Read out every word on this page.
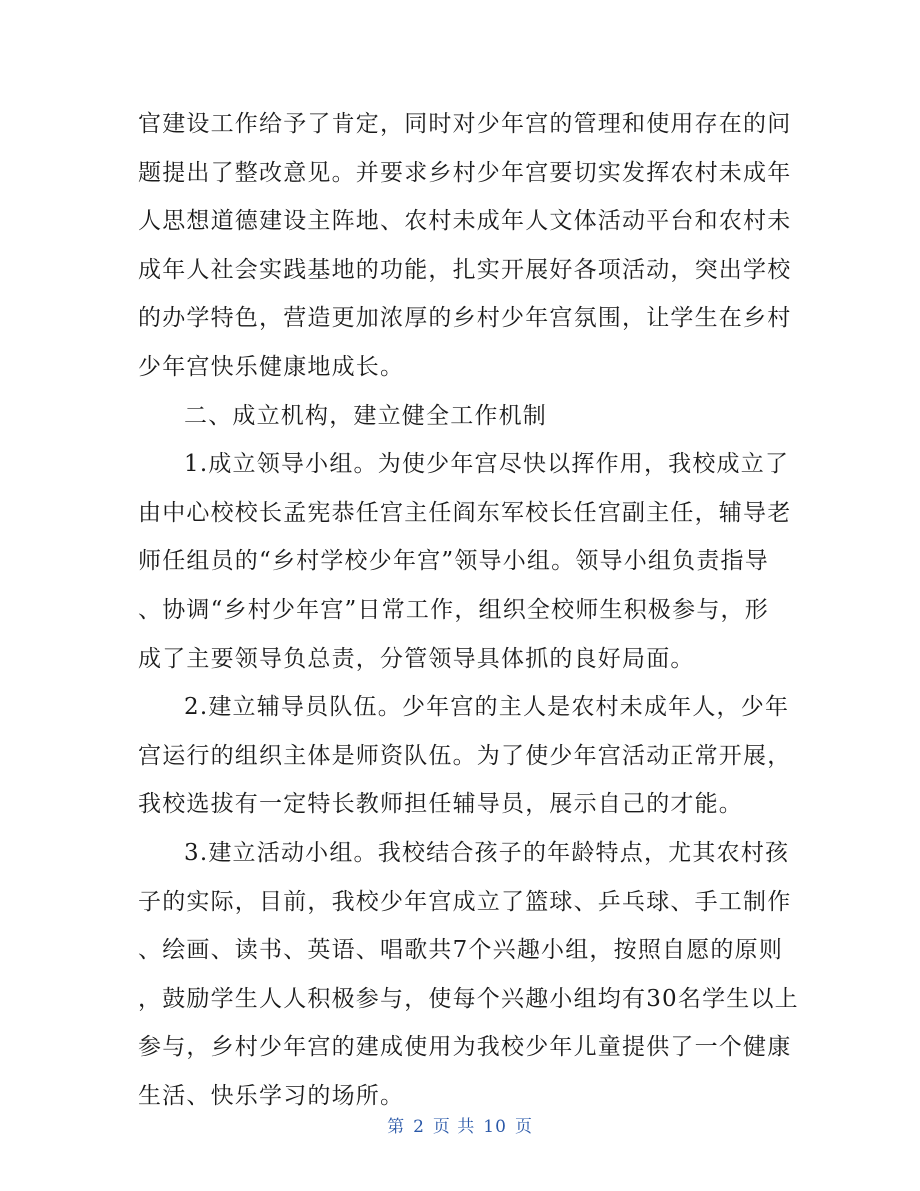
官建设工作给予了肯定，同时对少年宫的管理和使用存在的问
题提出了整改意见。并要求乡村少年宫要切实发挥农村未成年
人思想道德建设主阵地、农村未成年人文体活动平台和农村未
成年人社会实践基地的功能，扎实开展好各项活动，突出学校
的办学特色，营造更加浓厚的乡村少年宫氛围，让学生在乡村
少年宫快乐健康地成长。
二、成立机构，建立健全工作机制
1.成立领导小组。为使少年宫尽快以挥作用，我校成立了
由中心校校长孟宪恭任宫主任阎东军校长任宫副主任，辅导老
师任组员的“乡村学校少年宫”领导小组。领导小组负责指导
、协调“乡村少年宫”日常工作，组织全校师生积极参与，形
成了主要领导负总责，分管领导具体抓的良好局面。
2.建立辅导员队伍。少年宫的主人是农村未成年人，少年
宫运行的组织主体是师资队伍。为了使少年宫活动正常开展，
我校选拔有一定特长教师担任辅导员，展示自己的才能。
3.建立活动小组。我校结合孩子的年龄特点，尤其农村孩
子的实际，目前，我校少年宫成立了篮球、乒乓球、手工制作
、绘画、读书、英语、唱歌共7个兴趣小组，按照自愿的原则
，鼓励学生人人积极参与，使每个兴趣小组均有30名学生以上
参与，乡村少年宫的建成使用为我校少年儿童提供了一个健康
生活、快乐学习的场所。
第 2 页 共 10 页
